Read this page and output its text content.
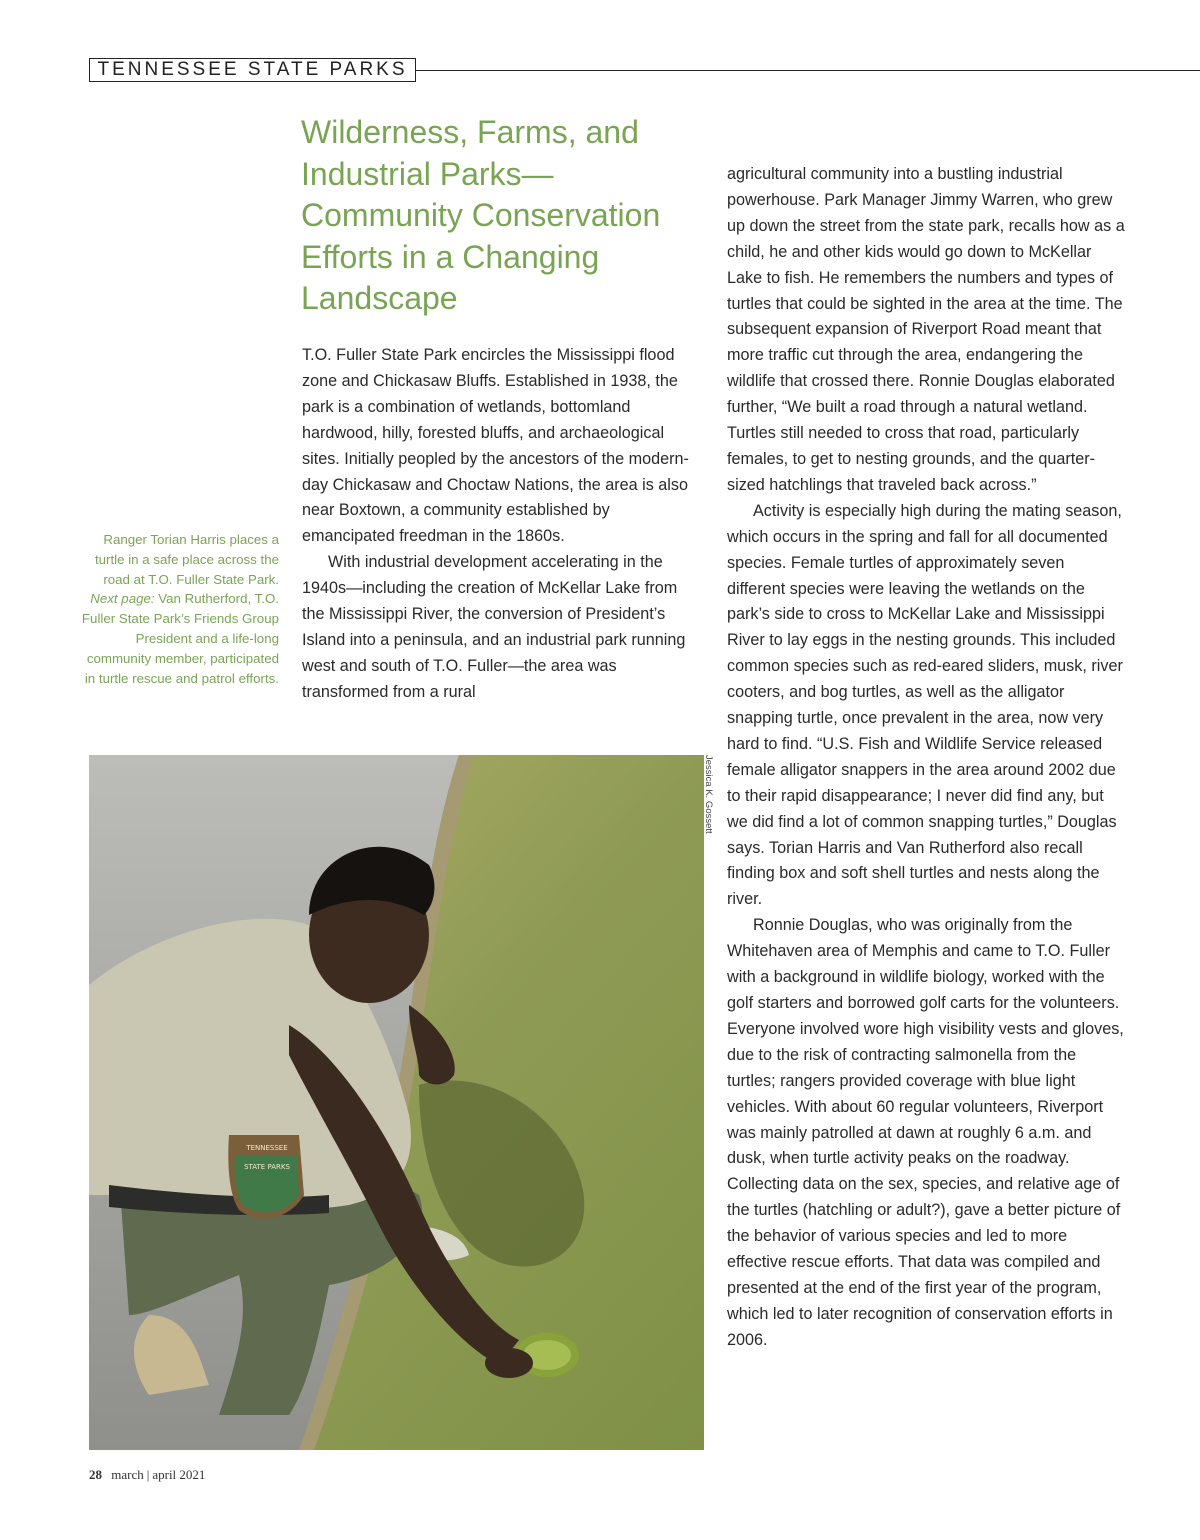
TENNESSEE STATE PARKS
Wilderness, Farms, and Industrial Parks—Community Conservation Efforts in a Changing Landscape

T.O. Fuller State Park encircles the Mississippi flood zone and Chickasaw Bluffs. Established in 1938, the park is a combination of wetlands, bottomland hardwood, hilly, forested bluffs, and archaeological sites. Initially peopled by the ancestors of the modern-day Chickasaw and Choctaw Nations, the area is also near Boxtown, a community established by emancipated freedman in the 1860s.

With industrial development accelerating in the 1940s—including the creation of McKellar Lake from the Mississippi River, the conversion of President’s Island into a peninsula, and an industrial park running west and south of T.O. Fuller—the area was transformed from a rural

agricultural community into a bustling industrial powerhouse. Park Manager Jimmy Warren, who grew up down the street from the state park, recalls how as a child, he and other kids would go down to McKellar Lake to fish. He remembers the numbers and types of turtles that could be sighted in the area at the time. The subsequent expansion of Riverport Road meant that more traffic cut through the area, endangering the wildlife that crossed there. Ronnie Douglas elaborated further, “We built a road through a natural wetland. Turtles still needed to cross that road, particularly females, to get to nesting grounds, and the quarter-sized hatchlings that traveled back across.”

Activity is especially high during the mating season, which occurs in the spring and fall for all documented species. Female turtles of approximately seven different species were leaving the wetlands on the park’s side to cross to McKellar Lake and Mississippi River to lay eggs in the nesting grounds. This included common species such as red-eared sliders, musk, river cooters, and bog turtles, as well as the alligator snapping turtle, once prevalent in the area, now very hard to find. “U.S. Fish and Wildlife Service released female alligator snappers in the area around 2002 due to their rapid disappearance; I never did find any, but we did find a lot of common snapping turtles,” Douglas says. Torian Harris and Van Rutherford also recall finding box and soft shell turtles and nests along the river.

Ronnie Douglas, who was originally from the Whitehaven area of Memphis and came to T.O. Fuller with a background in wildlife biology, worked with the golf starters and borrowed golf carts for the volunteers. Everyone involved wore high visibility vests and gloves, due to the risk of contracting salmonella from the turtles; rangers provided coverage with blue light vehicles. With about 60 regular volunteers, Riverport was mainly patrolled at dawn at roughly 6 a.m. and dusk, when turtle activity peaks on the roadway. Collecting data on the sex, species, and relative age of the turtles (hatchling or adult?), gave a better picture of the behavior of various species and led to more effective rescue efforts. That data was compiled and presented at the end of the first year of the program, which led to later recognition of conservation efforts in 2006.

Ranger Torian Harris places a turtle in a safe place across the road at T.O. Fuller State Park. Next page: Van Rutherford, T.O. Fuller State Park’s Friends Group President and a life-long community member, participated in turtle rescue and patrol efforts.
TENNESSEE
STATE PARKS
Jessica K. Gossett
28 march | april 2021
